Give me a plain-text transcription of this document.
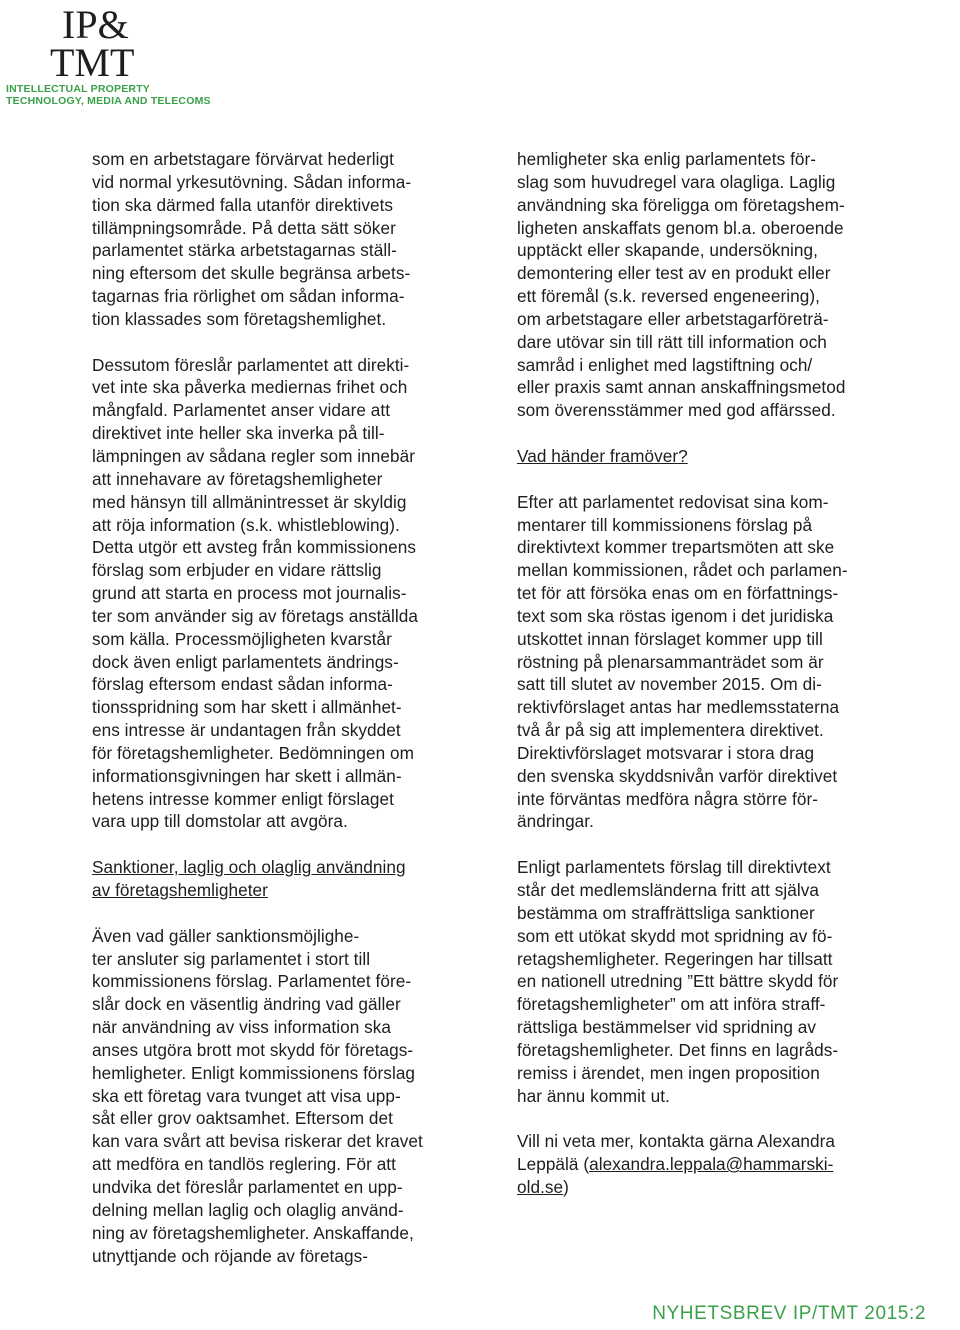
IP&
TMT
INTELLECTUAL PROPERTY
TECHNOLOGY, MEDIA AND TELECOMS

som en arbetstagare förvärvat hederligt
vid normal yrkesutövning. Sådan informa-
tion ska därmed falla utanför direktivets
tillämpningsområde. På detta sätt söker
parlamentet stärka arbetstagarnas ställ-
ning eftersom det skulle begränsa arbets-
tagarnas fria rörlighet om sådan informa-
tion klassades som företagshemlighet.

Dessutom föreslår parlamentet att direkti-
vet inte ska påverka mediernas frihet och
mångfald. Parlamentet anser vidare att
direktivet inte heller ska inverka på till-
lämpningen av sådana regler som innebär
att innehavare av företagshemligheter
med hänsyn till allmänintresset är skyldig
att röja information (s.k. whistleblowing).
Detta utgör ett avsteg från kommissionens
förslag som erbjuder en vidare rättslig
grund att starta en process mot journalis-
ter som använder sig av företags anställda
som källa. Processmöjligheten kvarstår
dock även enligt parlamentets ändrings-
förslag eftersom endast sådan informa-
tionsspridning som har skett i allmänhet-
ens intresse är undantagen från skyddet
för företagshemligheter. Bedömningen om
informationsgivningen har skett i allmän-
hetens intresse kommer enligt förslaget
vara upp till domstolar att avgöra.

Sanktioner, laglig och olaglig användning
av företagshemligheter

Även vad gäller sanktionsmöjlighe-
ter ansluter sig parlamentet i stort till
kommissionens förslag. Parlamentet före-
slår dock en väsentlig ändring vad gäller
när användning av viss information ska
anses utgöra brott mot skydd för företags-
hemligheter. Enligt kommissionens förslag
ska ett företag vara tvunget att visa upp-
såt eller grov oaktsamhet. Eftersom det
kan vara svårt att bevisa riskerar det kravet
att medföra en tandlös reglering. För att
undvika det föreslår parlamentet en upp-
delning mellan laglig och olaglig använd-
ning av företagshemligheter. Anskaffande,
utnyttjande och röjande av företags-

hemligheter ska enlig parlamentets för-
slag som huvudregel vara olagliga. Laglig
användning ska föreligga om företagshem-
ligheten anskaffats genom bl.a. oberoende
upptäckt eller skapande, undersökning,
demontering eller test av en produkt eller
ett föremål (s.k. reversed engeneering),
om arbetstagare eller arbetstagarföreträ-
dare utövar sin till rätt till information och
samråd i enlighet med lagstiftning och/
eller praxis samt annan anskaffningsmetod
som överensstämmer med god affärssed.

Vad händer framöver?

Efter att parlamentet redovisat sina kom-
mentarer till kommissionens förslag på
direktivtext kommer trepartsmöten att ske
mellan kommissionen, rådet och parlamen-
tet för att försöka enas om en författnings-
text som ska röstas igenom i det juridiska
utskottet innan förslaget kommer upp till
röstning på plenarsammanträdet som är
satt till slutet av november 2015. Om di-
rektivförslaget antas har medlemsstaterna
två år på sig att implementera direktivet.
Direktivförslaget motsvarar i stora drag
den svenska skyddsnivån varför direktivet
inte förväntas medföra några större för-
ändringar.

Enligt parlamentets förslag till direktivtext
står det medlemsländerna fritt att själva
bestämma om straffrättsliga sanktioner
som ett utökat skydd mot spridning av fö-
retagshemligheter. Regeringen har tillsatt
en nationell utredning ”Ett bättre skydd för
företagshemligheter” om att införa straff-
rättsliga bestämmelser vid spridning av
företagshemligheter. Det finns en lagråds-
remiss i ärendet, men ingen proposition
har ännu kommit ut.

Vill ni veta mer, kontakta gärna Alexandra
Leppälä (alexandra.leppala@hammarski-
old.se)

NYHETSBREV IP/TMT 2015:2
